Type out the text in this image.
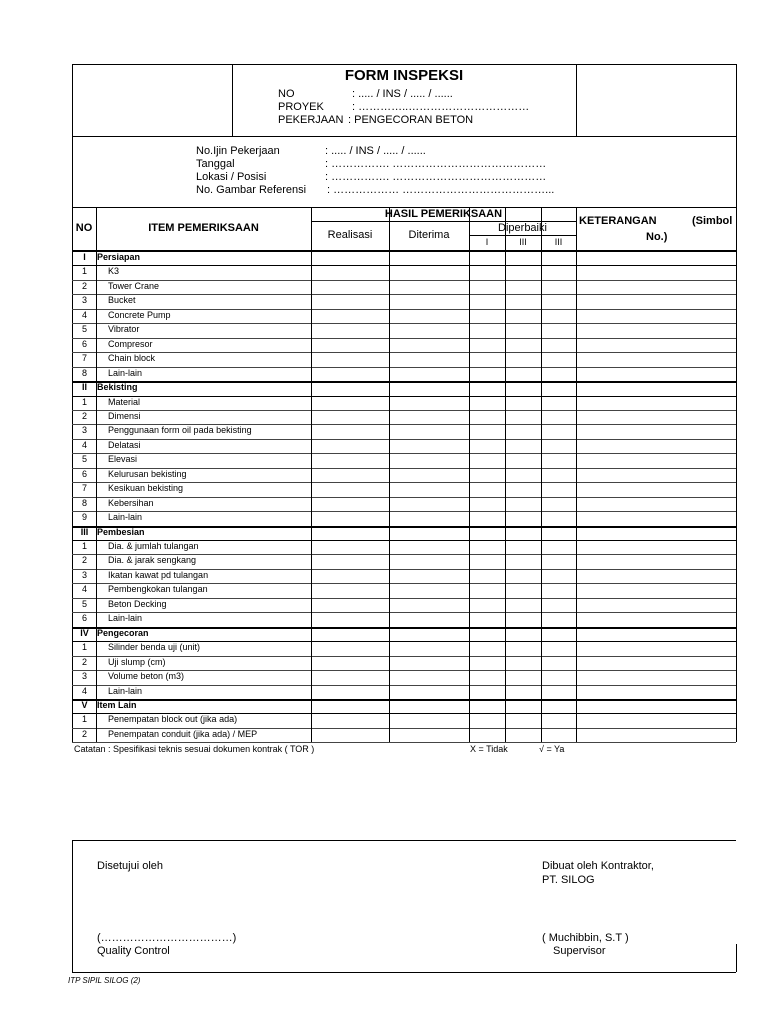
FORM INSPEKSI
NO	: ..... / INS / ..... / ......
PROYEK	: …………..……………………………
PEKERJAAN : PENGECORAN BETON
No.Ijin Pekerjaan	: ..... / INS / ..... / ......
Tanggal	: ……………. ……………………………………
Lokasi / Posisi	: ……………. ……………………………………
No. Gambar Referensi : ……………… …………………………………...
NO	ITEM PEMERIKSAAN
HASIL PEMERIKSAAN
Realisasi	Diterima
Diperbaiki
I	III	III
KETERANGAN	(Simbol
No.)
I	Persiapan
1	K3
2	Tower Crane
3	Bucket
4	Concrete Pump
5	Vibrator
6	Compresor
7	Chain block
8	Lain-lain
II	Bekisting
1	Material
2	Dimensi
3	Penggunaan form oil pada bekisting
4	Delatasi
5	Elevasi
6	Kelurusan bekisting
7	Kesikuan bekisting
8	Kebersihan
9	Lain-lain
III Pembesian
1	Dia. & jumlah tulangan
2	Dia. & jarak sengkang
3	Ikatan kawat pd tulangan
4	Pembengkokan tulangan
5	Beton Decking
6	Lain-lain
IV Pengecoran
1	Silinder benda uji (unit)
2	Uji slump (cm)
3	Volume beton (m3)
4	Lain-lain
V	Item Lain
1	Penempatan block out (jika ada)
2	Penempatan conduit (jika ada) / MEP
Catatan : Spesifikasi teknis sesuai dokumen kontrak ( TOR )	X = Tidak	√ = Ya
Disetujui oleh
(………………………………)
Quality Control
Dibuat oleh Kontraktor,
PT. SILOG
( Muchibbin, S.T )
Supervisor
ITP SIPIL SILOG (2)
